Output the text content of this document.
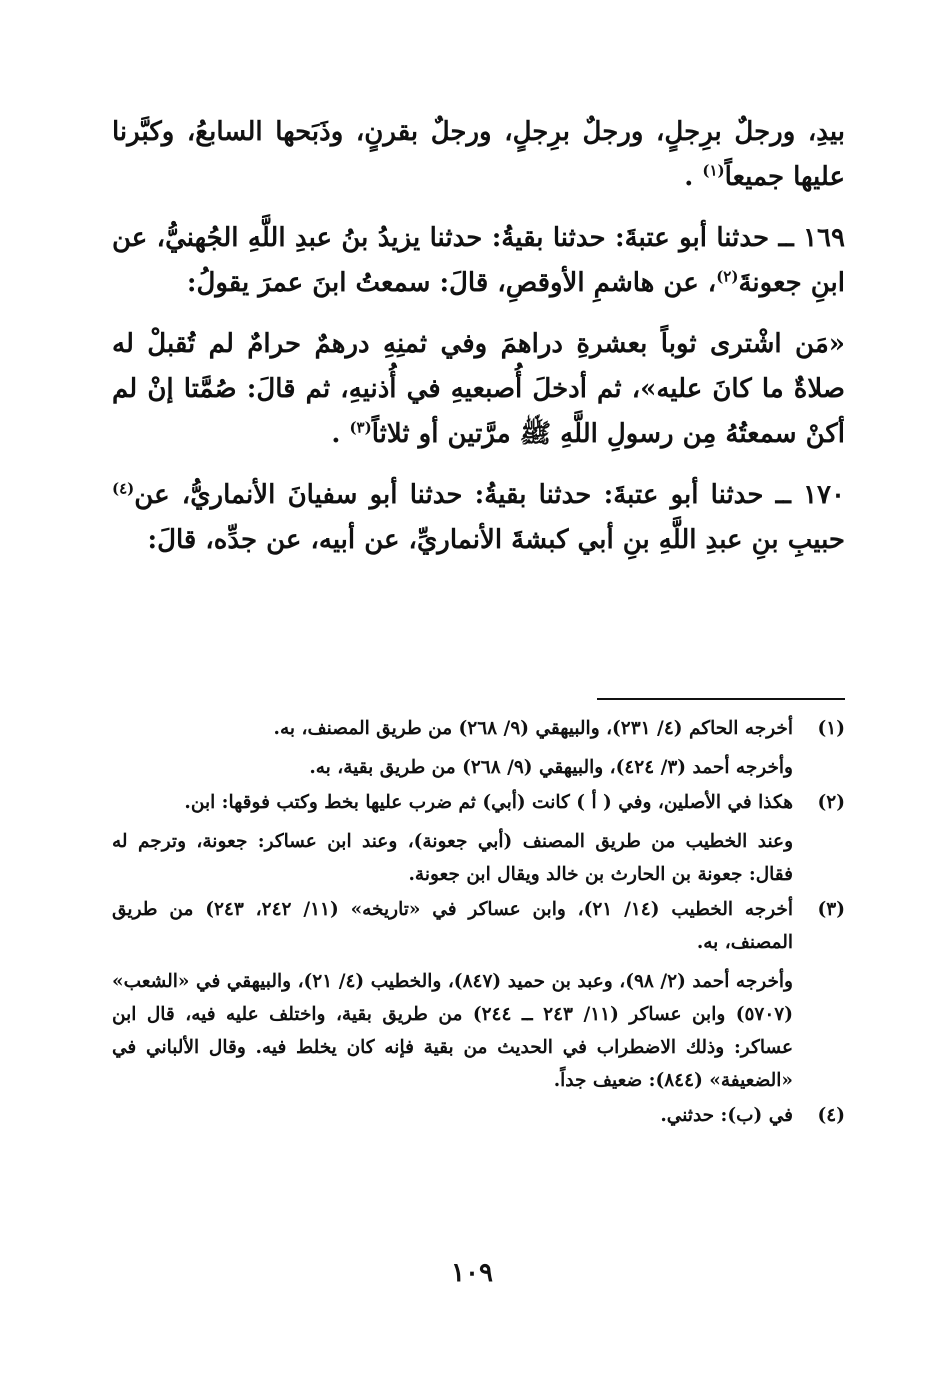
بيدِ، ورجلٌ برِجلٍ، ورجلٌ برِجلٍ، ورجلٌ بقرنٍ، وذَبَحها السابعُ، وكبَّرنا عليها جميعاً$^{(١)}$ .

١٦٩ ــ حدثنا أبو عتبةَ: حدثنا بقيةُ: حدثنا يزيدُ بنُ عبدِ اللَّهِ الجُهنيُّ، عن ابنِ جعونةَ$^{(٢)}$، عن هاشمِ الأوقصِ، قالَ: سمعتُ ابنَ عمرَ يقولُ:

«مَن اشْترى ثوباً بعشرةِ دراهمَ وفي ثمنِهِ درهمٌ حرامٌ لم تُقبلْ له صلاةٌ ما كانَ عليه»، ثم أدخلَ أُصبعيهِ في أُذنيهِ، ثم قالَ: صُمَّتا إنْ لم أكنْ سمعتُهُ مِن رسولِ اللَّهِ ﷺ مرَّتين أو ثلاثاً$^{(٣)}$ .

١٧٠ ــ حدثنا أبو عتبةَ: حدثنا بقيةُ: حدثنا أبو سفيانَ الأنماريُّ، عن$^{(٤)}$ حبيبِ بنِ عبدِ اللَّهِ بنِ أبي كبشةَ الأنماريِّ، عن أبيه، عن جدِّه، قالَ:

(١)
أخرجه الحاكم (٤/ ٢٣١)، والبيهقي (٩/ ٢٦٨) من طريق المصنف، به.
وأخرجه أحمد (٣/ ٤٢٤)، والبيهقي (٩/ ٢٦٨) من طريق بقية، به.
(٢)
هكذا في الأصلين، وفي ( أ ) كانت (أبي) ثم ضرب عليها بخط وكتب فوقها: ابن.
وعند الخطيب من طريق المصنف (أبي جعونة)، وعند ابن عساكر: جعونة، وترجم له فقال: جعونة بن الحارث بن خالد ويقال ابن جعونة.
(٣)
أخرجه الخطيب (١٤/ ٢١)، وابن عساكر في «تاريخه» (١١/ ٢٤٢، ٢٤٣) من طريق المصنف، به.
وأخرجه أحمد (٢/ ٩٨)، وعبد بن حميد (٨٤٧)، والخطيب (٤/ ٢١)، والبيهقي في «الشعب» (٥٧٠٧) وابن عساكر (١١/ ٢٤٣ ــ ٢٤٤) من طريق بقية، واختلف عليه فيه، قال ابن عساكر: وذلك الاضطراب في الحديث من بقية فإنه كان يخلط فيه. وقال الألباني في «الضعيفة» (٨٤٤): ضعيف جداً.
(٤)
في (ب): حدثني.
١٠٩
